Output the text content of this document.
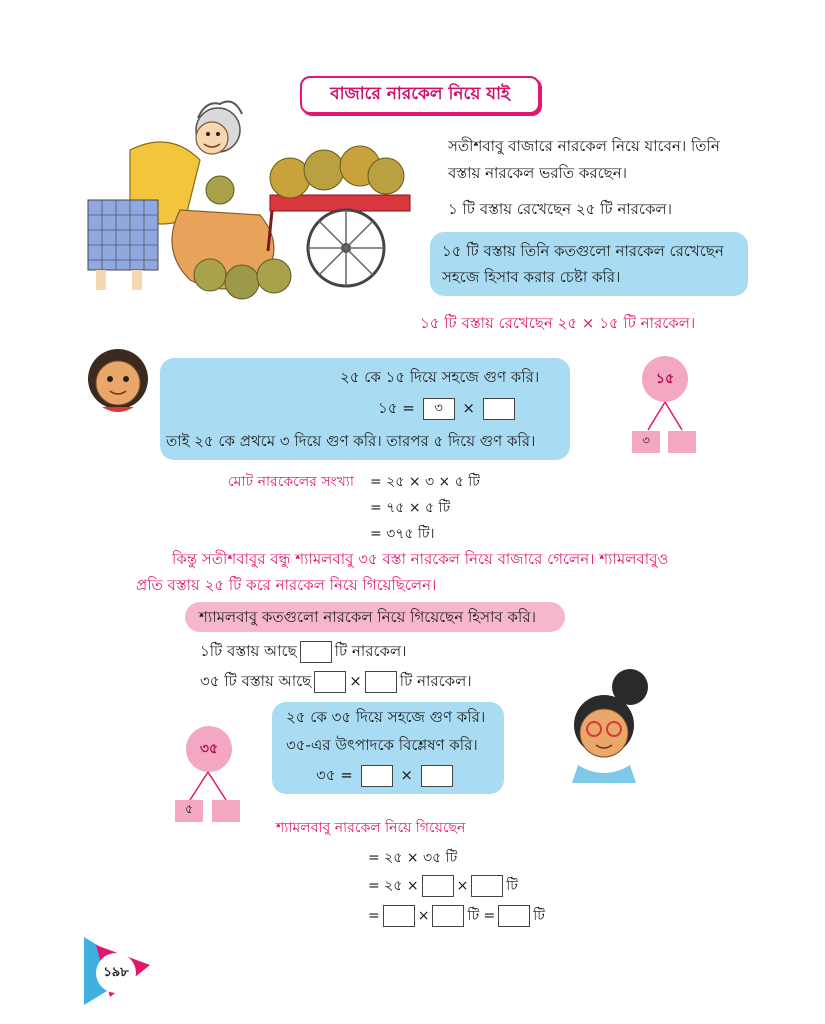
বাজারে নারকেল নিয়ে যাই
সতীশবাবু বাজারে নারকেল নিয়ে যাবেন। তিনি
বস্তায় নারকেল ভরতি করছেন।
১ টি বস্তায় রেখেছেন ২৫ টি নারকেল।
১৫ টি বস্তায় তিনি কতগুলো নারকেল রেখেছেন
সহজে হিসাব করার চেষ্টা করি।
১৫ টি বস্তায় রেখেছেন ২৫ × ১৫ টি নারকেল।
২৫ কে ১৫ দিয়ে সহজে গুণ করি।
১৫ = ৩ ×
তাই ২৫ কে প্রথমে ৩ দিয়ে গুণ করি। তারপর ৫ দিয়ে গুণ করি।
১৫
৩
মোট নারকেলের সংখ্যা = ২৫ × ৩ × ৫ টি
= ৭৫ × ৫ টি
= ৩৭৫ টি।
কিন্তু সতীশবাবুর বন্ধু শ্যামলবাবু ৩৫ বস্তা নারকেল নিয়ে বাজারে গেলেন। শ্যামলবাবুও
প্রতি বস্তায় ২৫ টি করে নারকেল নিয়ে গিয়েছিলেন।
শ্যামলবাবু কতগুলো নারকেল নিয়ে গিয়েছেন হিসাব করি।
১টি বস্তায় আছে	টি নারকেল।
৩৫ টি বস্তায় আছে	×	টি নারকেল।
২৫ কে ৩৫ দিয়ে সহজে গুণ করি।
৩৫-এর উৎপাদকে বিশ্লেষণ করি।
৩৫ =	×
৩৫
৫
শ্যামলবাবু নারকেল নিয়ে গিয়েছেন
= ২৫ × ৩৫ টি
= ২৫ ×	×	টি
=	×	টি =	টি
১৯৮
